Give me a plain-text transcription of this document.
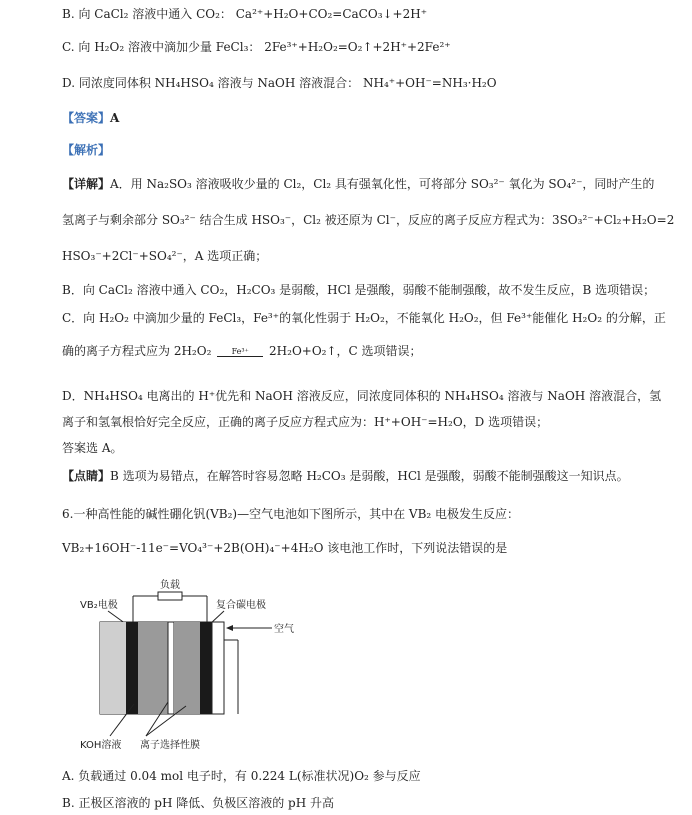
B. 向 CaCl₂ 溶液中通入 CO₂： Ca²⁺+H₂O+CO₂=CaCO₃↓+2H⁺
C. 向 H₂O₂ 溶液中滴加少量 FeCl₃： 2Fe³⁺+H₂O₂=O₂↑+2H⁺+2Fe²⁺
D. 同浓度同体积 NH₄HSO₄ 溶液与 NaOH 溶液混合： NH₄⁺+OH⁻=NH₃·H₂O
【答案】A
【解析】
【详解】A．用 Na₂SO₃ 溶液吸收少量的 Cl₂，Cl₂ 具有强氧化性，可将部分 SO₃²⁻ 氧化为 SO₄²⁻，同时产生的
氢离子与剩余部分 SO₃²⁻ 结合生成 HSO₃⁻，Cl₂ 被还原为 Cl⁻，反应的离子反应方程式为：3SO₃²⁻+Cl₂+H₂O=2
HSO₃⁻+2Cl⁻+SO₄²⁻，A 选项正确；
B．向 CaCl₂ 溶液中通入 CO₂，H₂CO₃ 是弱酸，HCl 是强酸，弱酸不能制强酸，故不发生反应，B 选项错误；
C．向 H₂O₂ 中滴加少量的 FeCl₃，Fe³⁺的氧化性弱于 H₂O₂，不能氧化 H₂O₂，但 Fe³⁺能催化 H₂O₂ 的分解，正
确的离子方程式应为 2H₂O₂	Fe³⁺	2H₂O+O₂↑，C 选项错误；
D．NH₄HSO₄ 电离出的 H⁺优先和 NaOH 溶液反应，同浓度同体积的 NH₄HSO₄ 溶液与 NaOH 溶液混合，氢
离子和氢氧根恰好完全反应，正确的离子反应方程式应为：H⁺+OH⁻=H₂O，D 选项错误；
答案选 A。
【点睛】B 选项为易错点，在解答时容易忽略 H₂CO₃ 是弱酸，HCl 是强酸，弱酸不能制强酸这一知识点。
6.一种高性能的碱性硼化钒(VB₂)—空气电池如下图所示，其中在 VB₂ 电极发生反应：
VB₂+16OH⁻-11e⁻=VO₄³⁻+2B(OH)₄⁻+4H₂O 该电池工作时，下列说法错误的是
负载
VB₂电极	复合碳电极
空气
KOH溶液 离子选择性膜
A. 负载通过 0.04 mol 电子时，有 0.224 L(标准状况)O₂ 参与反应
B. 正极区溶液的 pH 降低、负极区溶液的 pH 升高
